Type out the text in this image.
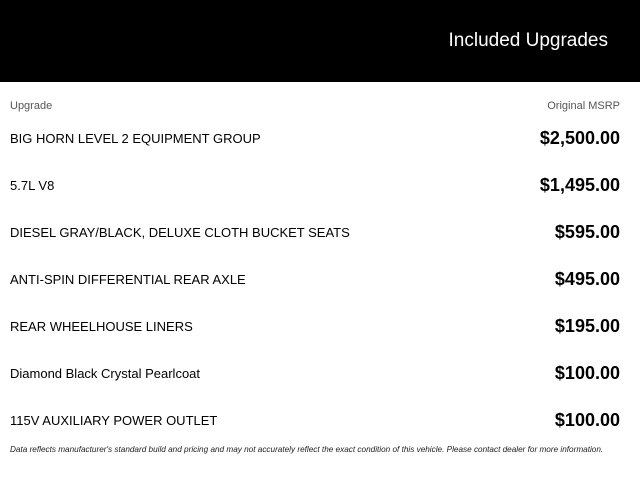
Included Upgrades
Upgrade	Original MSRP
BIG HORN LEVEL 2 EQUIPMENT GROUP	$2,500.00
5.7L V8	$1,495.00
DIESEL GRAY/BLACK, DELUXE CLOTH BUCKET SEATS	$595.00
ANTI-SPIN DIFFERENTIAL REAR AXLE	$495.00
REAR WHEELHOUSE LINERS	$195.00
Diamond Black Crystal Pearlcoat	$100.00
115V AUXILIARY POWER OUTLET	$100.00
Data reflects manufacturer's standard build and pricing and may not accurately reflect the exact condition of this vehicle. Please contact dealer for more information.
